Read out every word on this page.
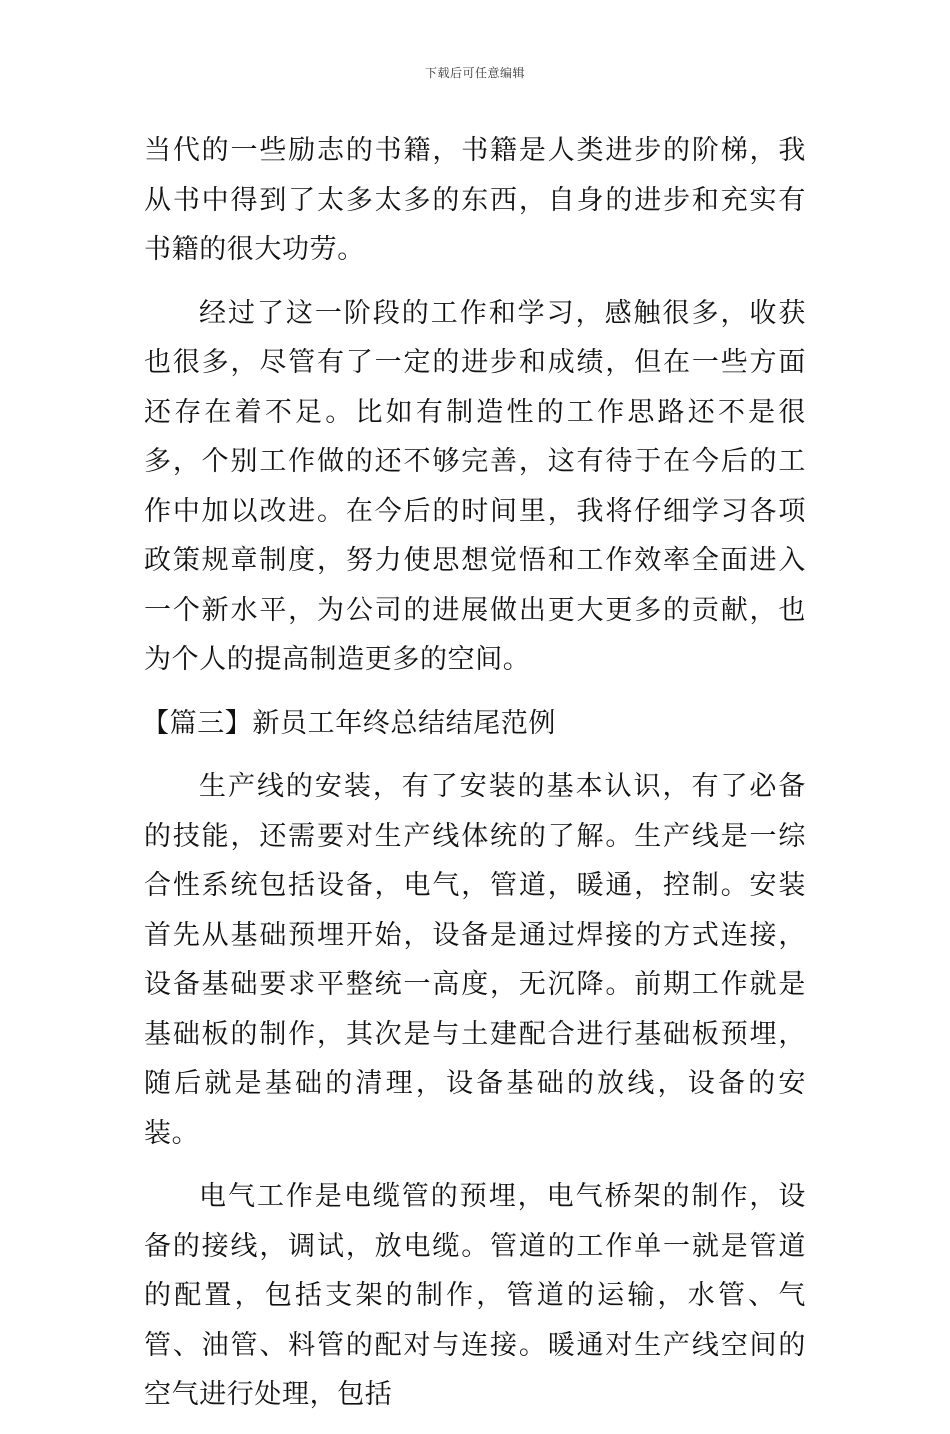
下载后可任意编辑

当代的一些励志的书籍，书籍是人类进步的阶梯，我从书中得到了太多太多的东西，自身的进步和充实有书籍的很大功劳。

经过了这一阶段的工作和学习，感触很多，收获也很多，尽管有了一定的进步和成绩，但在一些方面还存在着不足。比如有制造性的工作思路还不是很多，个别工作做的还不够完善，这有待于在今后的工作中加以改进。在今后的时间里，我将仔细学习各项政策规章制度，努力使思想觉悟和工作效率全面进入一个新水平，为公司的进展做出更大更多的贡献，也为个人的提高制造更多的空间。

【篇三】新员工年终总结结尾范例

生产线的安装，有了安装的基本认识，有了必备的技能，还需要对生产线体统的了解。生产线是一综合性系统包括设备，电气，管道，暖通，控制。安装首先从基础预埋开始，设备是通过焊接的方式连接，设备基础要求平整统一高度，无沉降。前期工作就是基础板的制作，其次是与土建配合进行基础板预埋，随后就是基础的清理，设备基础的放线，设备的安装。

电气工作是电缆管的预埋，电气桥架的制作，设备的接线，调试，放电缆。管道的工作单一就是管道的配置，包括支架的制作，管道的运输，水管、气管、油管、料管的配对与连接。暖通对生产线空间的空气进行处理，包括
